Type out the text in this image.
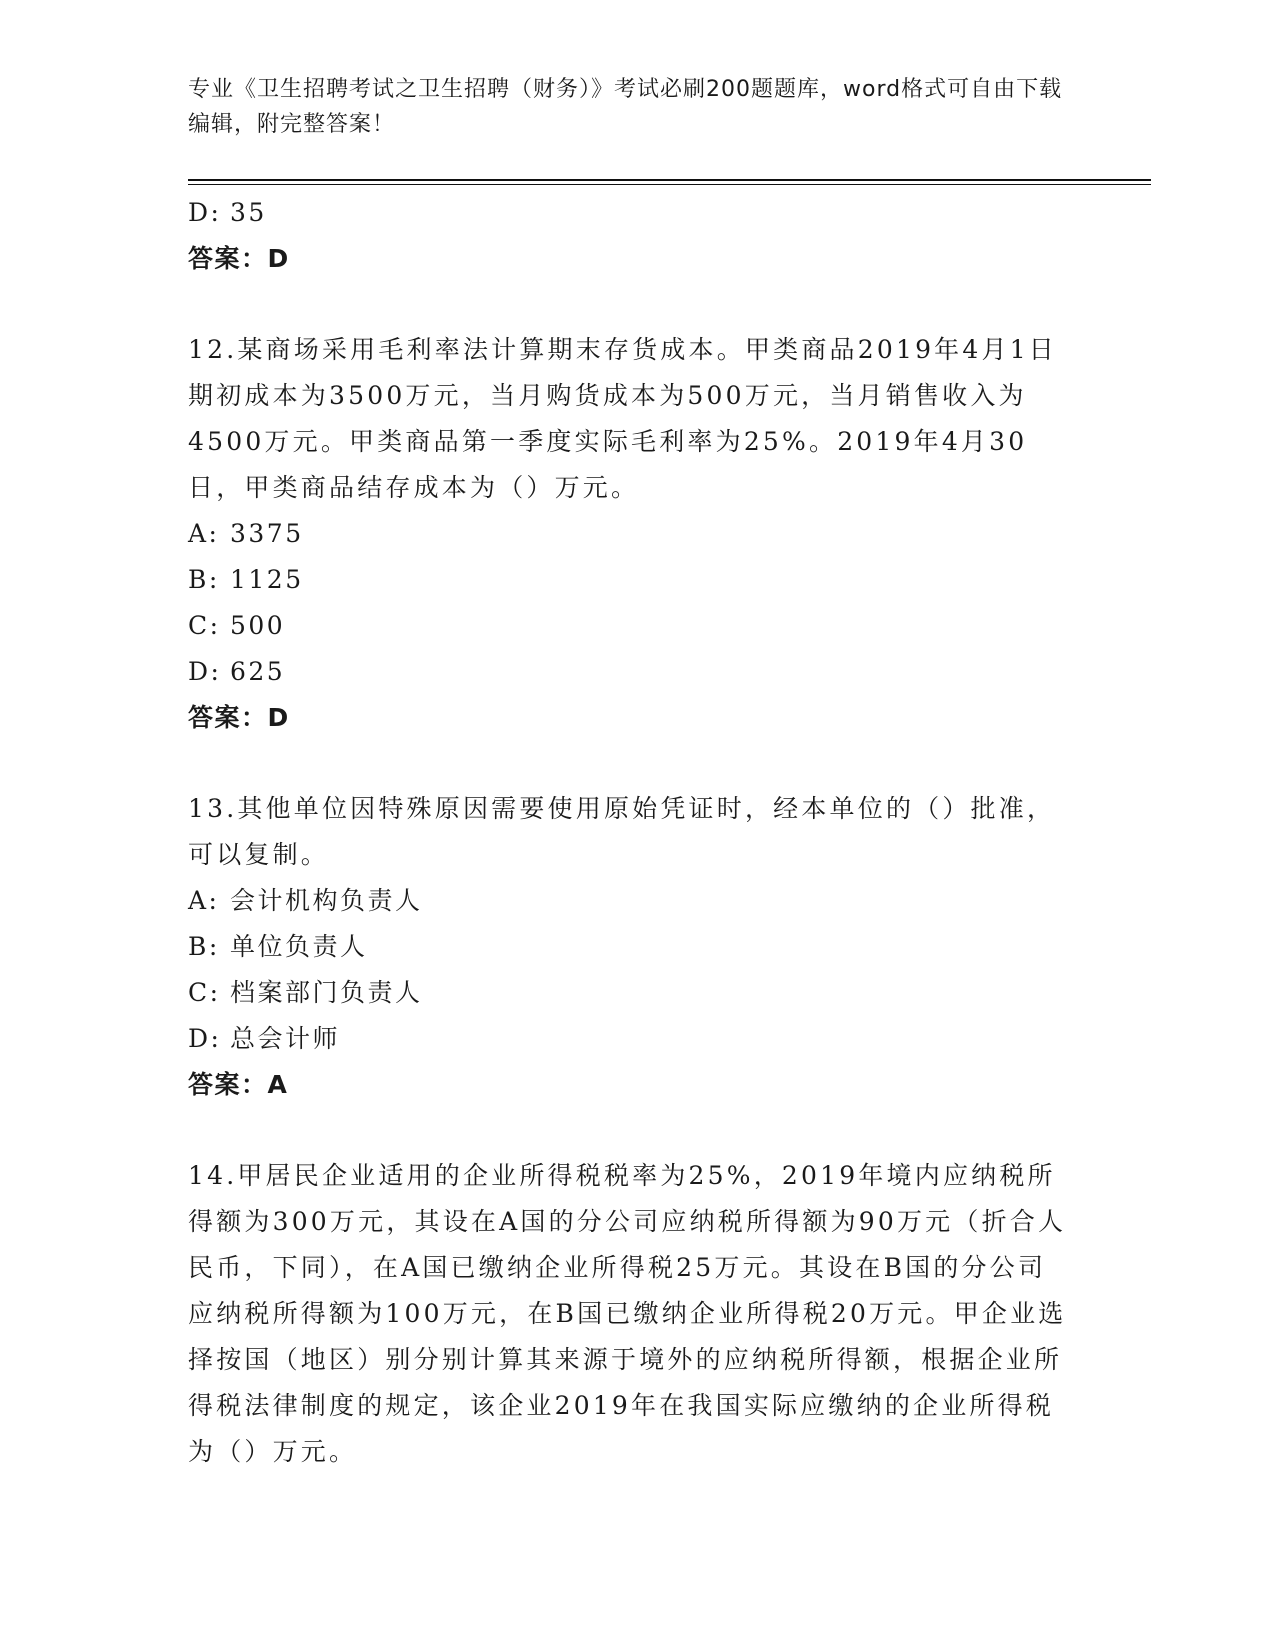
专业《卫生招聘考试之卫生招聘（财务）》考试必刷200题题库，word格式可自由下载编辑，附完整答案！

D: 35

答案：D

12.某商场采用毛利率法计算期末存货成本。甲类商品2019年4月1日期初成本为3500万元，当月购货成本为500万元，当月销售收入为4500万元。甲类商品第一季度实际毛利率为25%。2019年4月30日，甲类商品结存成本为（）万元。

A: 3375

B: 1125

C: 500

D: 625

答案：D

13.其他单位因特殊原因需要使用原始凭证时，经本单位的（）批准，可以复制。

A: 会计机构负责人

B: 单位负责人

C: 档案部门负责人

D: 总会计师

答案：A

14.甲居民企业适用的企业所得税税率为25%，2019年境内应纳税所得额为300万元，其设在A国的分公司应纳税所得额为90万元（折合人民币，下同），在A国已缴纳企业所得税25万元。其设在B国的分公司应纳税所得额为100万元，在B国已缴纳企业所得税20万元。甲企业选择按国（地区）别分别计算其来源于境外的应纳税所得额，根据企业所得税法律制度的规定，该企业2019年在我国实际应缴纳的企业所得税为（）万元。
